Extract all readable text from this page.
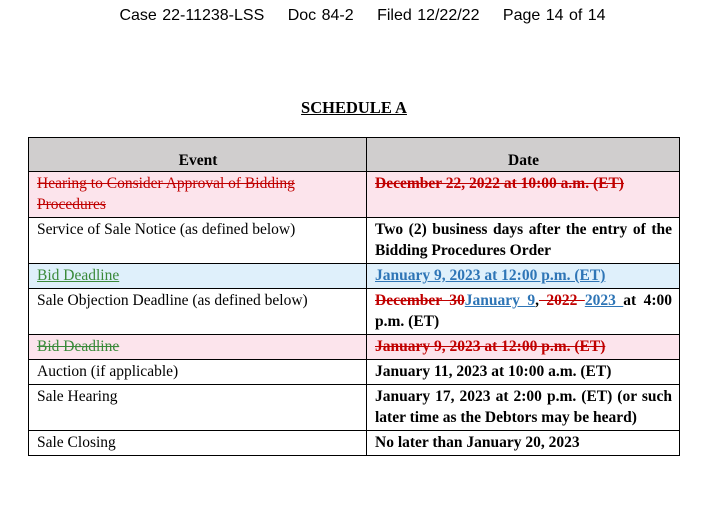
Case 22-11238-LSS Doc 84-2 Filed 12/22/22 Page 14 of 14
SCHEDULE A
Event	Date
Hearing to Consider Approval of Bidding Procedures	December 22, 2022 at 10:00 a.m. (ET)
Service of Sale Notice (as defined below)	Two (2) business days after the entry of the Bidding Procedures Order
Bid Deadline	January 9, 2023 at 12:00 p.m. (ET)
Sale Objection Deadline (as defined below)	December 30January 9, 2022 2023 at 4:00 p.m. (ET)
Bid Deadline	January 9, 2023 at 12:00 p.m. (ET)
Auction (if applicable)	January 11, 2023 at 10:00 a.m. (ET)
Sale Hearing	January 17, 2023 at 2:00 p.m. (ET) (or such later time as the Debtors may be heard)
Sale Closing	No later than January 20, 2023
